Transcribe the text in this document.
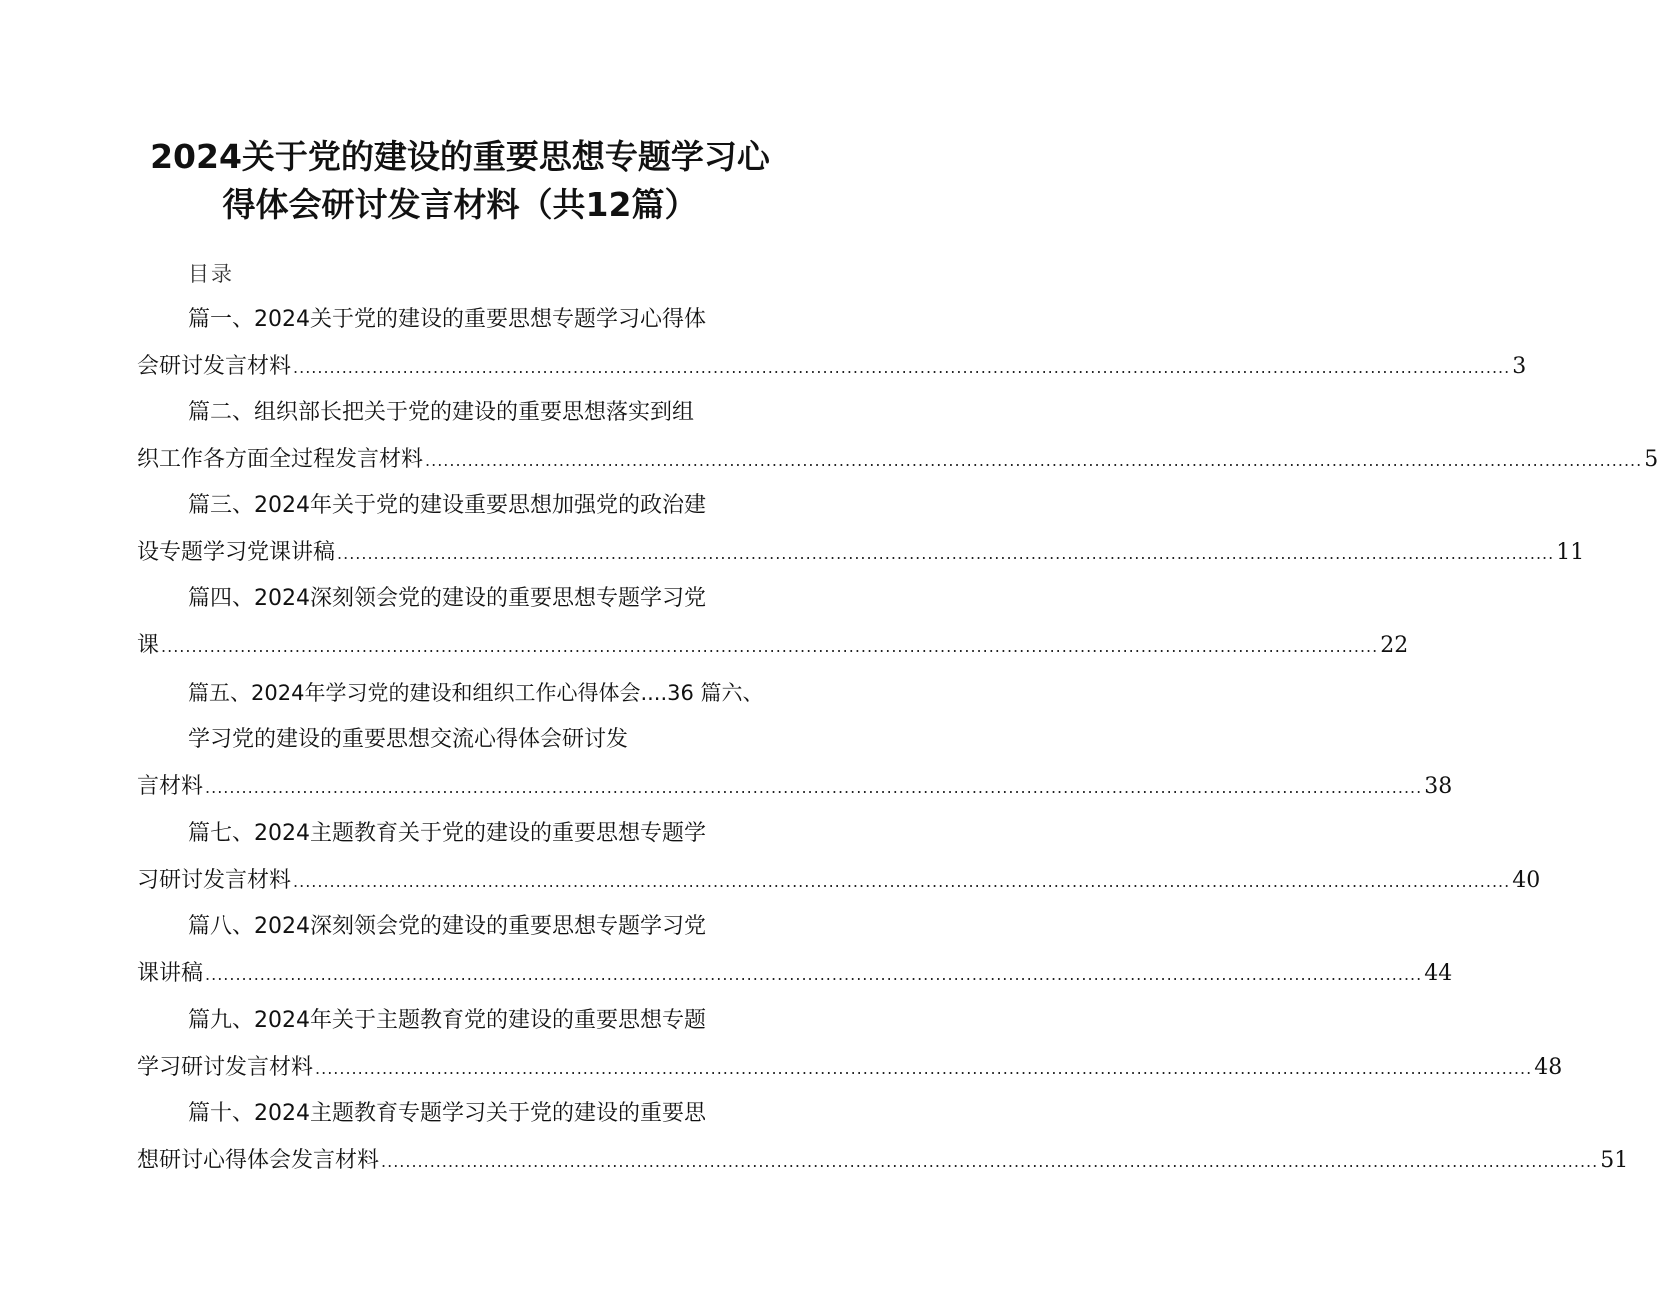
2024关于党的建设的重要思想专题学习心
得体会研讨发言材料（共12篇）
目录
篇一、2024关于党的建设的重要思想专题学习心得体
会研讨发言材料 ........................................................................................................................................................................................................ 3
篇二、组织部长把关于党的建设的重要思想落实到组
织工作各方面全过程发言材料 ........................................................................................................................................................................................................ 5
篇三、2024年关于党的建设重要思想加强党的政治建
设专题学习党课讲稿 ........................................................................................................................................................................................................ 11
篇四、2024深刻领会党的建设的重要思想专题学习党
课 ........................................................................................................................................................................................................ 22
篇五、2024年学习党的建设和组织工作心得体会....36 篇六、
学习党的建设的重要思想交流心得体会研讨发
言材料 ........................................................................................................................................................................................................ 38
篇七、2024主题教育关于党的建设的重要思想专题学
习研讨发言材料 ........................................................................................................................................................................................................ 40
篇八、2024深刻领会党的建设的重要思想专题学习党
课讲稿 ........................................................................................................................................................................................................ 44
篇九、2024年关于主题教育党的建设的重要思想专题
学习研讨发言材料 ........................................................................................................................................................................................................ 48
篇十、2024主题教育专题学习关于党的建设的重要思
想研讨心得体会发言材料 ........................................................................................................................................................................................................ 51
